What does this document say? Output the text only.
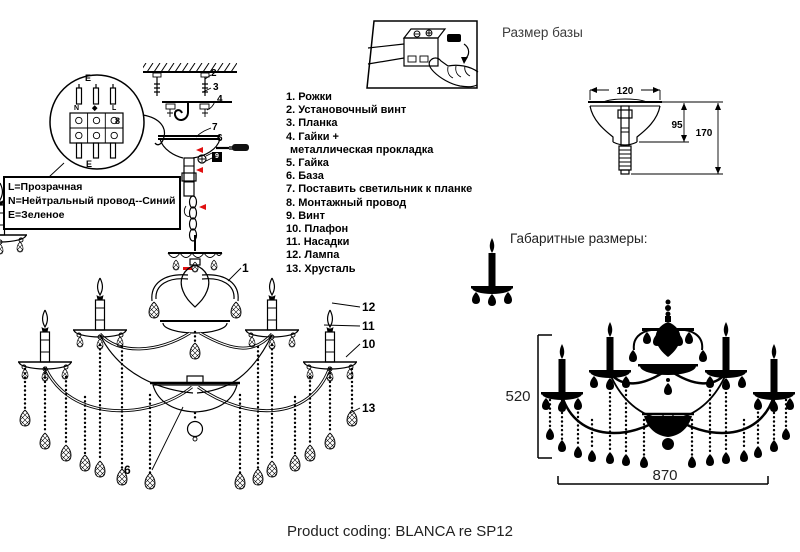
120
95
170
520
870
L=Прозрачная
N=Нейтральный провод--Синий
E=Зеленое
1. Рожки
2. Установочный винт
3. Планка
4. Гайки +
металлическая прокладка
5. Гайка
6. База
7. Поставить светильник к планке
8. Монтажный провод
9. Винт
10. Плафон
11. Насадки
12. Лампа
13. Хрусталь
E
E
N ◆ L
8
2
3
4
7
6
9
1
12
11
10
13
6
Размер базы
Габаритные размеры:
Product coding: BLANCA re SP12
